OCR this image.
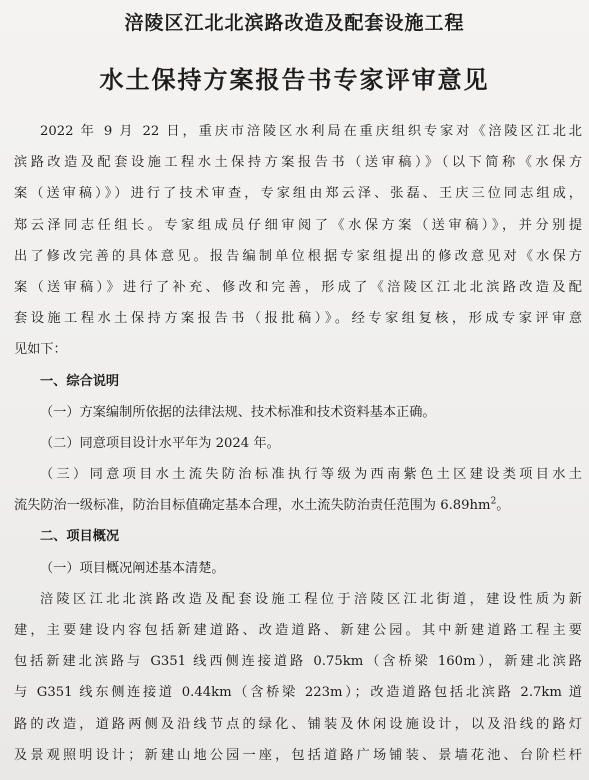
涪陵区江北北滨路改造及配套设施工程
水土保持方案报告书专家评审意见
2022 年 9 月 22 日，重庆市涪陵区水利局在重庆组织专家对《涪陵区江北北
滨路改造及配套设施工程水土保持方案报告书（送审稿）》（以下简称《水保方
案（送审稿）》）进行了技术审查，专家组由郑云泽、张磊、王庆三位同志组成，
郑云泽同志任组长。专家组成员仔细审阅了《水保方案（送审稿）》，并分别提
出了修改完善的具体意见。报告编制单位根据专家组提出的修改意见对《水保方
案（送审稿）》进行了补充、修改和完善，形成了《涪陵区江北北滨路改造及配
套设施工程水土保持方案报告书（报批稿）》。经专家组复核，形成专家评审意
见如下：
一、综合说明
（一）方案编制所依据的法律法规、技术标准和技术资料基本正确。
（二）同意项目设计水平年为 2024 年。
（三）同意项目水土流失防治标准执行等级为西南紫色土区建设类项目水土
流失防治一级标准，防治目标值确定基本合理，水土流失防治责任范围为 $6.89hm^2$。
二、项目概况
（一）项目概况阐述基本清楚。
涪陵区江北北滨路改造及配套设施工程位于涪陵区江北街道，建设性质为新
建，主要建设内容包括新建道路、改造道路、新建公园。其中新建道路工程主要
包括新建北滨路与 G351 线西侧连接道路 0.75km（含桥梁 160m），新建北滨路
与 G351 线东侧连接道 0.44km（含桥梁 223m）；改造道路包括北滨路 2.7km 道
路的改造，道路两侧及沿线节点的绿化、铺装及休闲设施设计，以及沿线的路灯
及景观照明设计；新建山地公园一座，包括道路广场铺装、景墙花池、台阶栏杆
